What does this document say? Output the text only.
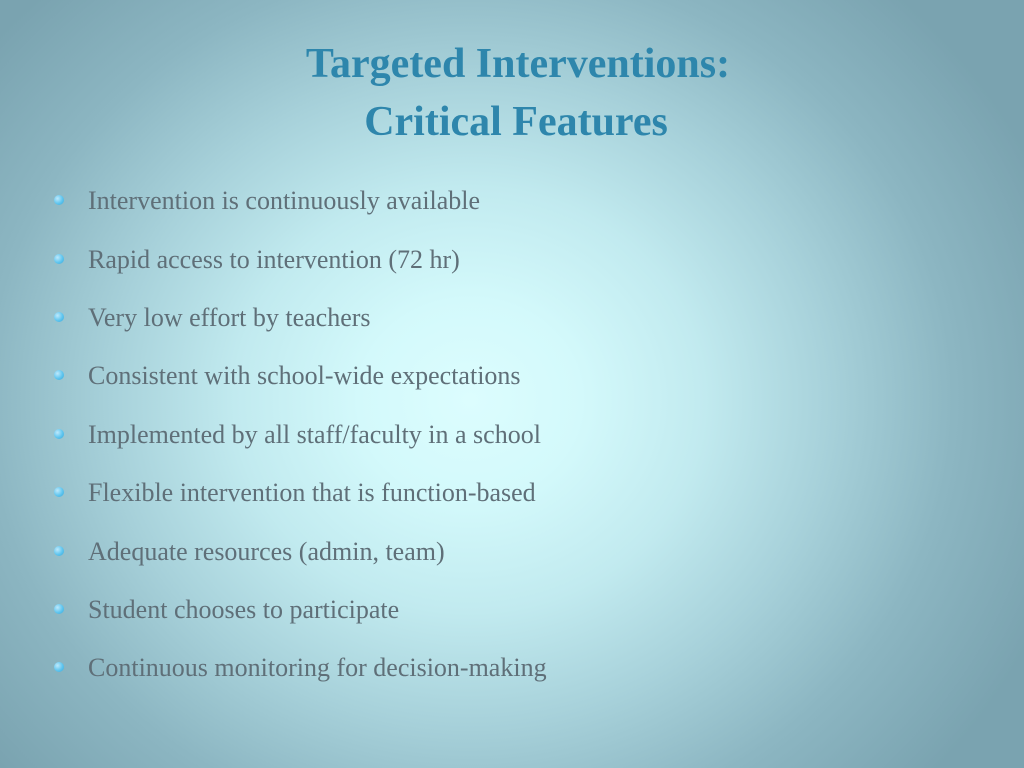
Targeted Interventions:
Critical Features
Intervention is continuously available
Rapid access to intervention (72 hr)
Very low effort by teachers
Consistent with school-wide expectations
Implemented by all staff/faculty in a school
Flexible intervention that is function-based
Adequate resources (admin, team)
Student chooses to participate
Continuous monitoring for decision-making
